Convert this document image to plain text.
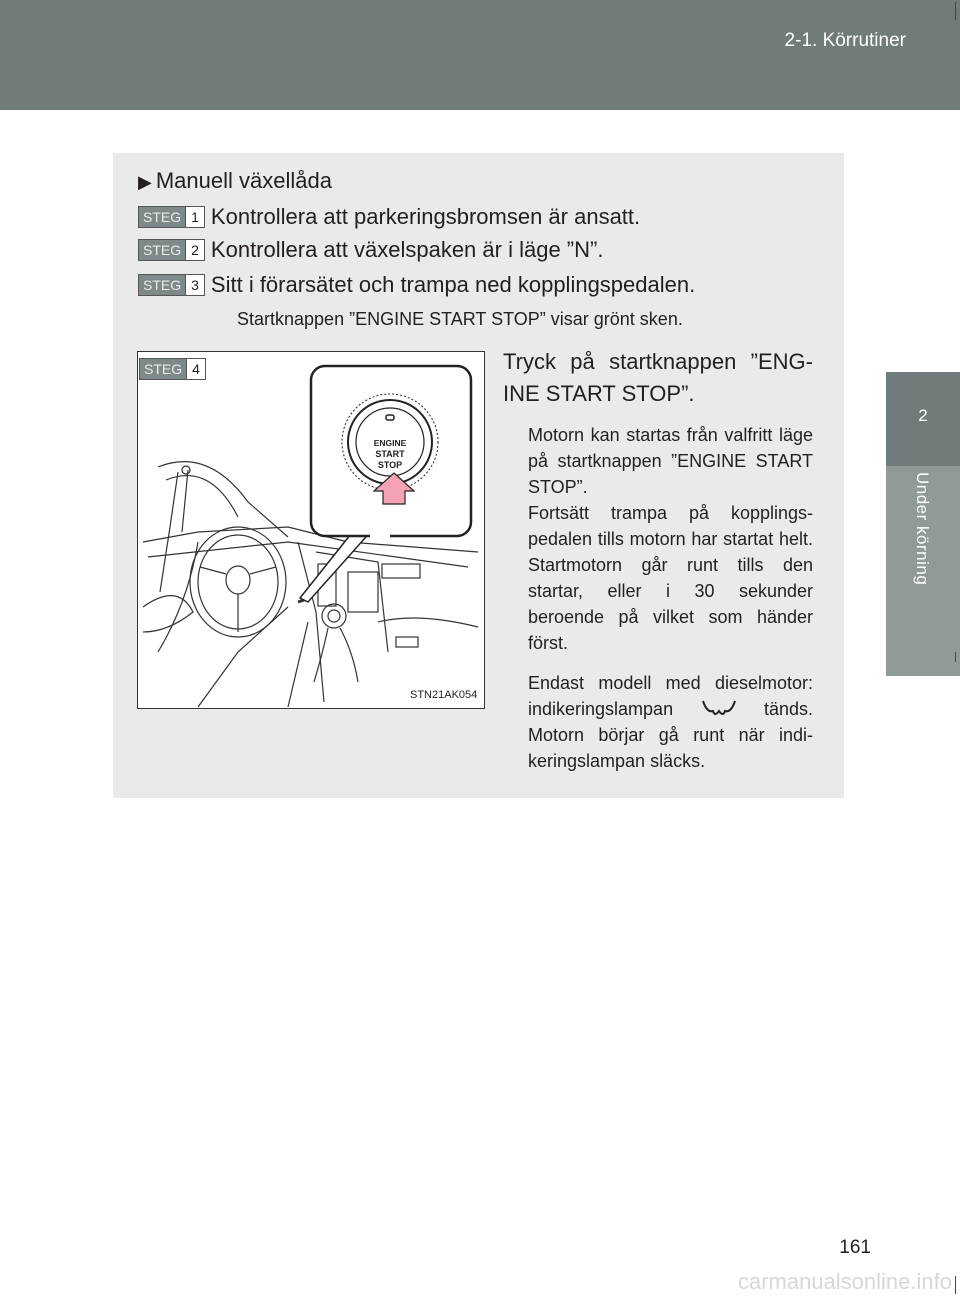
2-1. Körrutiner
2
Under körning
▶ Manuell växellåda
STEG 1 Kontrollera att parkeringsbromsen är ansatt.
STEG 2 Kontrollera att växelspaken är i läge ”N”.
STEG 3 Sitt i förarsätet och trampa ned kopplingspedalen.
Startknappen ”ENGINE START STOP” visar grönt sken.
STEG 4
ENGINE
START
STOP
STN21AK054
Tryck på startknappen ”ENG-INE START STOP”.
Motorn kan startas från valfritt läge på startknappen ”ENGINE START STOP”.
Fortsätt trampa på kopplings-pedalen tills motorn har startat helt. Startmotorn går runt tills den startar, eller i 30 sekunder beroende på vilket som händer först.
Endast modell med dieselmotor: indikeringslampan	tänds. Motorn börjar gå runt när indi-keringslampan släcks.
161
carmanualsonline.info
